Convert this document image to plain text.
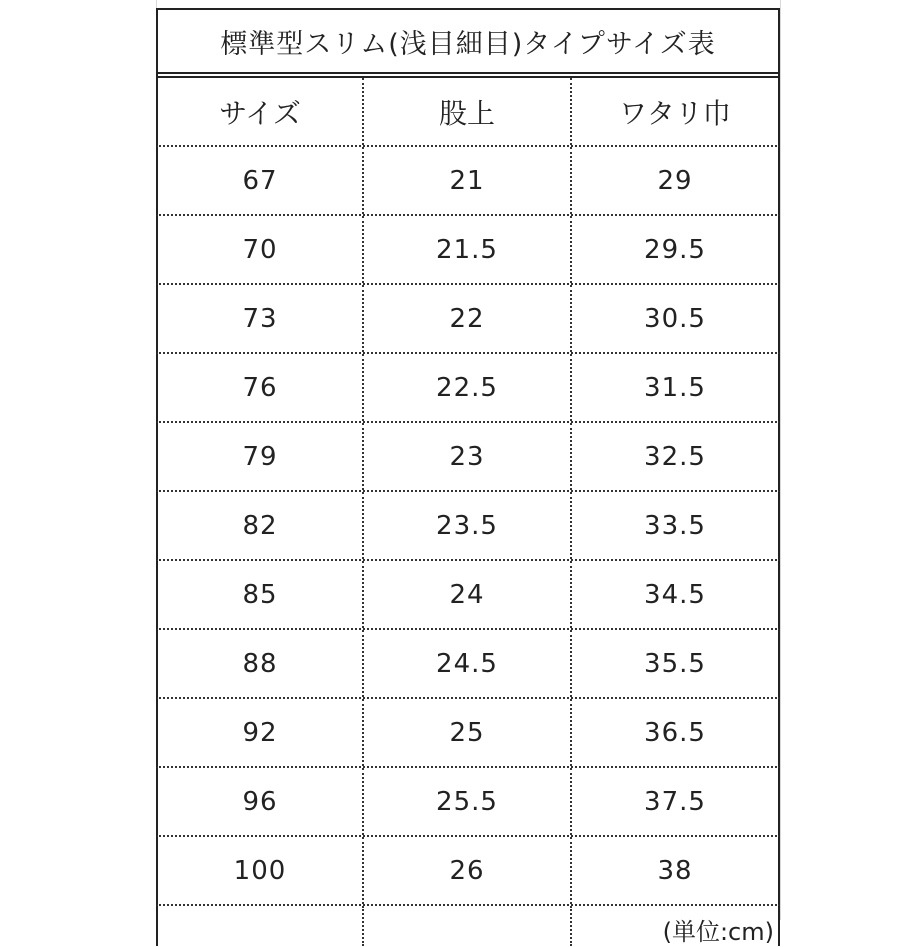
標準型スリム(浅目細目)タイプサイズ表
サイズ	股上	ワタリ巾
67	21	29
70	21.5	29.5
73	22	30.5
76	22.5	31.5
79	23	32.5
82	23.5	33.5
85	24	34.5
88	24.5	35.5
92	25	36.5
96	25.5	37.5
100	26	38
(単位:cm)
